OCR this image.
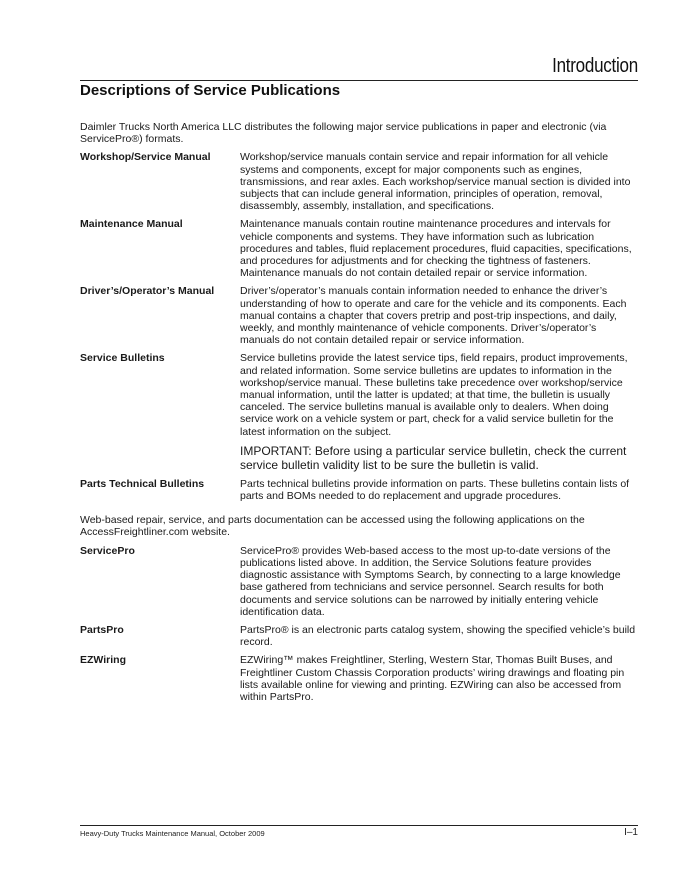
Introduction
Descriptions of Service Publications

Daimler Trucks North America LLC distributes the following major service publications in paper and electronic (via ServicePro®) formats.

Workshop/Service Manual	Workshop/service manuals contain service and repair information for all vehicle systems and components, except for major components such as engines, transmissions, and rear axles. Each workshop/service manual section is divided into subjects that can include general information, principles of operation, removal, disassembly, assembly, installation, and specifications.

Maintenance Manual	Maintenance manuals contain routine maintenance procedures and intervals for vehicle components and systems. They have information such as lubrication procedures and tables, fluid replacement procedures, fluid capacities, specifications, and procedures for adjustments and for checking the tightness of fasteners. Maintenance manuals do not contain detailed repair or service information.

Driver’s/Operator’s Manual	Driver’s/operator’s manuals contain information needed to enhance the driver’s understanding of how to operate and care for the vehicle and its components. Each manual contains a chapter that covers pretrip and post-trip inspections, and daily, weekly, and monthly maintenance of vehicle components. Driver’s/operator’s manuals do not contain detailed repair or service information.

Service Bulletins	Service bulletins provide the latest service tips, field repairs, product improvements, and related information. Some service bulletins are updates to information in the workshop/service manual. These bulletins take precedence over workshop/service manual information, until the latter is updated; at that time, the bulletin is usually canceled. The service bulletins manual is available only to dealers. When doing service work on a vehicle system or part, check for a valid service bulletin for the latest information on the subject.

IMPORTANT: Before using a particular service bulletin, check the current service bulletin validity list to be sure the bulletin is valid.

Parts Technical Bulletins	Parts technical bulletins provide information on parts. These bulletins contain lists of parts and BOMs needed to do replacement and upgrade procedures.

Web-based repair, service, and parts documentation can be accessed using the following applications on the AccessFreightliner.com website.

ServicePro	ServicePro® provides Web-based access to the most up-to-date versions of the publications listed above. In addition, the Service Solutions feature provides diagnostic assistance with Symptoms Search, by connecting to a large knowledge base gathered from technicians and service personnel. Search results for both documents and service solutions can be narrowed by initially entering vehicle identification data.

PartsPro	PartsPro® is an electronic parts catalog system, showing the specified vehicle’s build record.

EZWiring	EZWiring™ makes Freightliner, Sterling, Western Star, Thomas Built Buses, and Freightliner Custom Chassis Corporation products’ wiring drawings and floating pin lists available online for viewing and printing. EZWiring can also be accessed from within PartsPro.

Heavy-Duty Trucks Maintenance Manual, October 2009	I–1
